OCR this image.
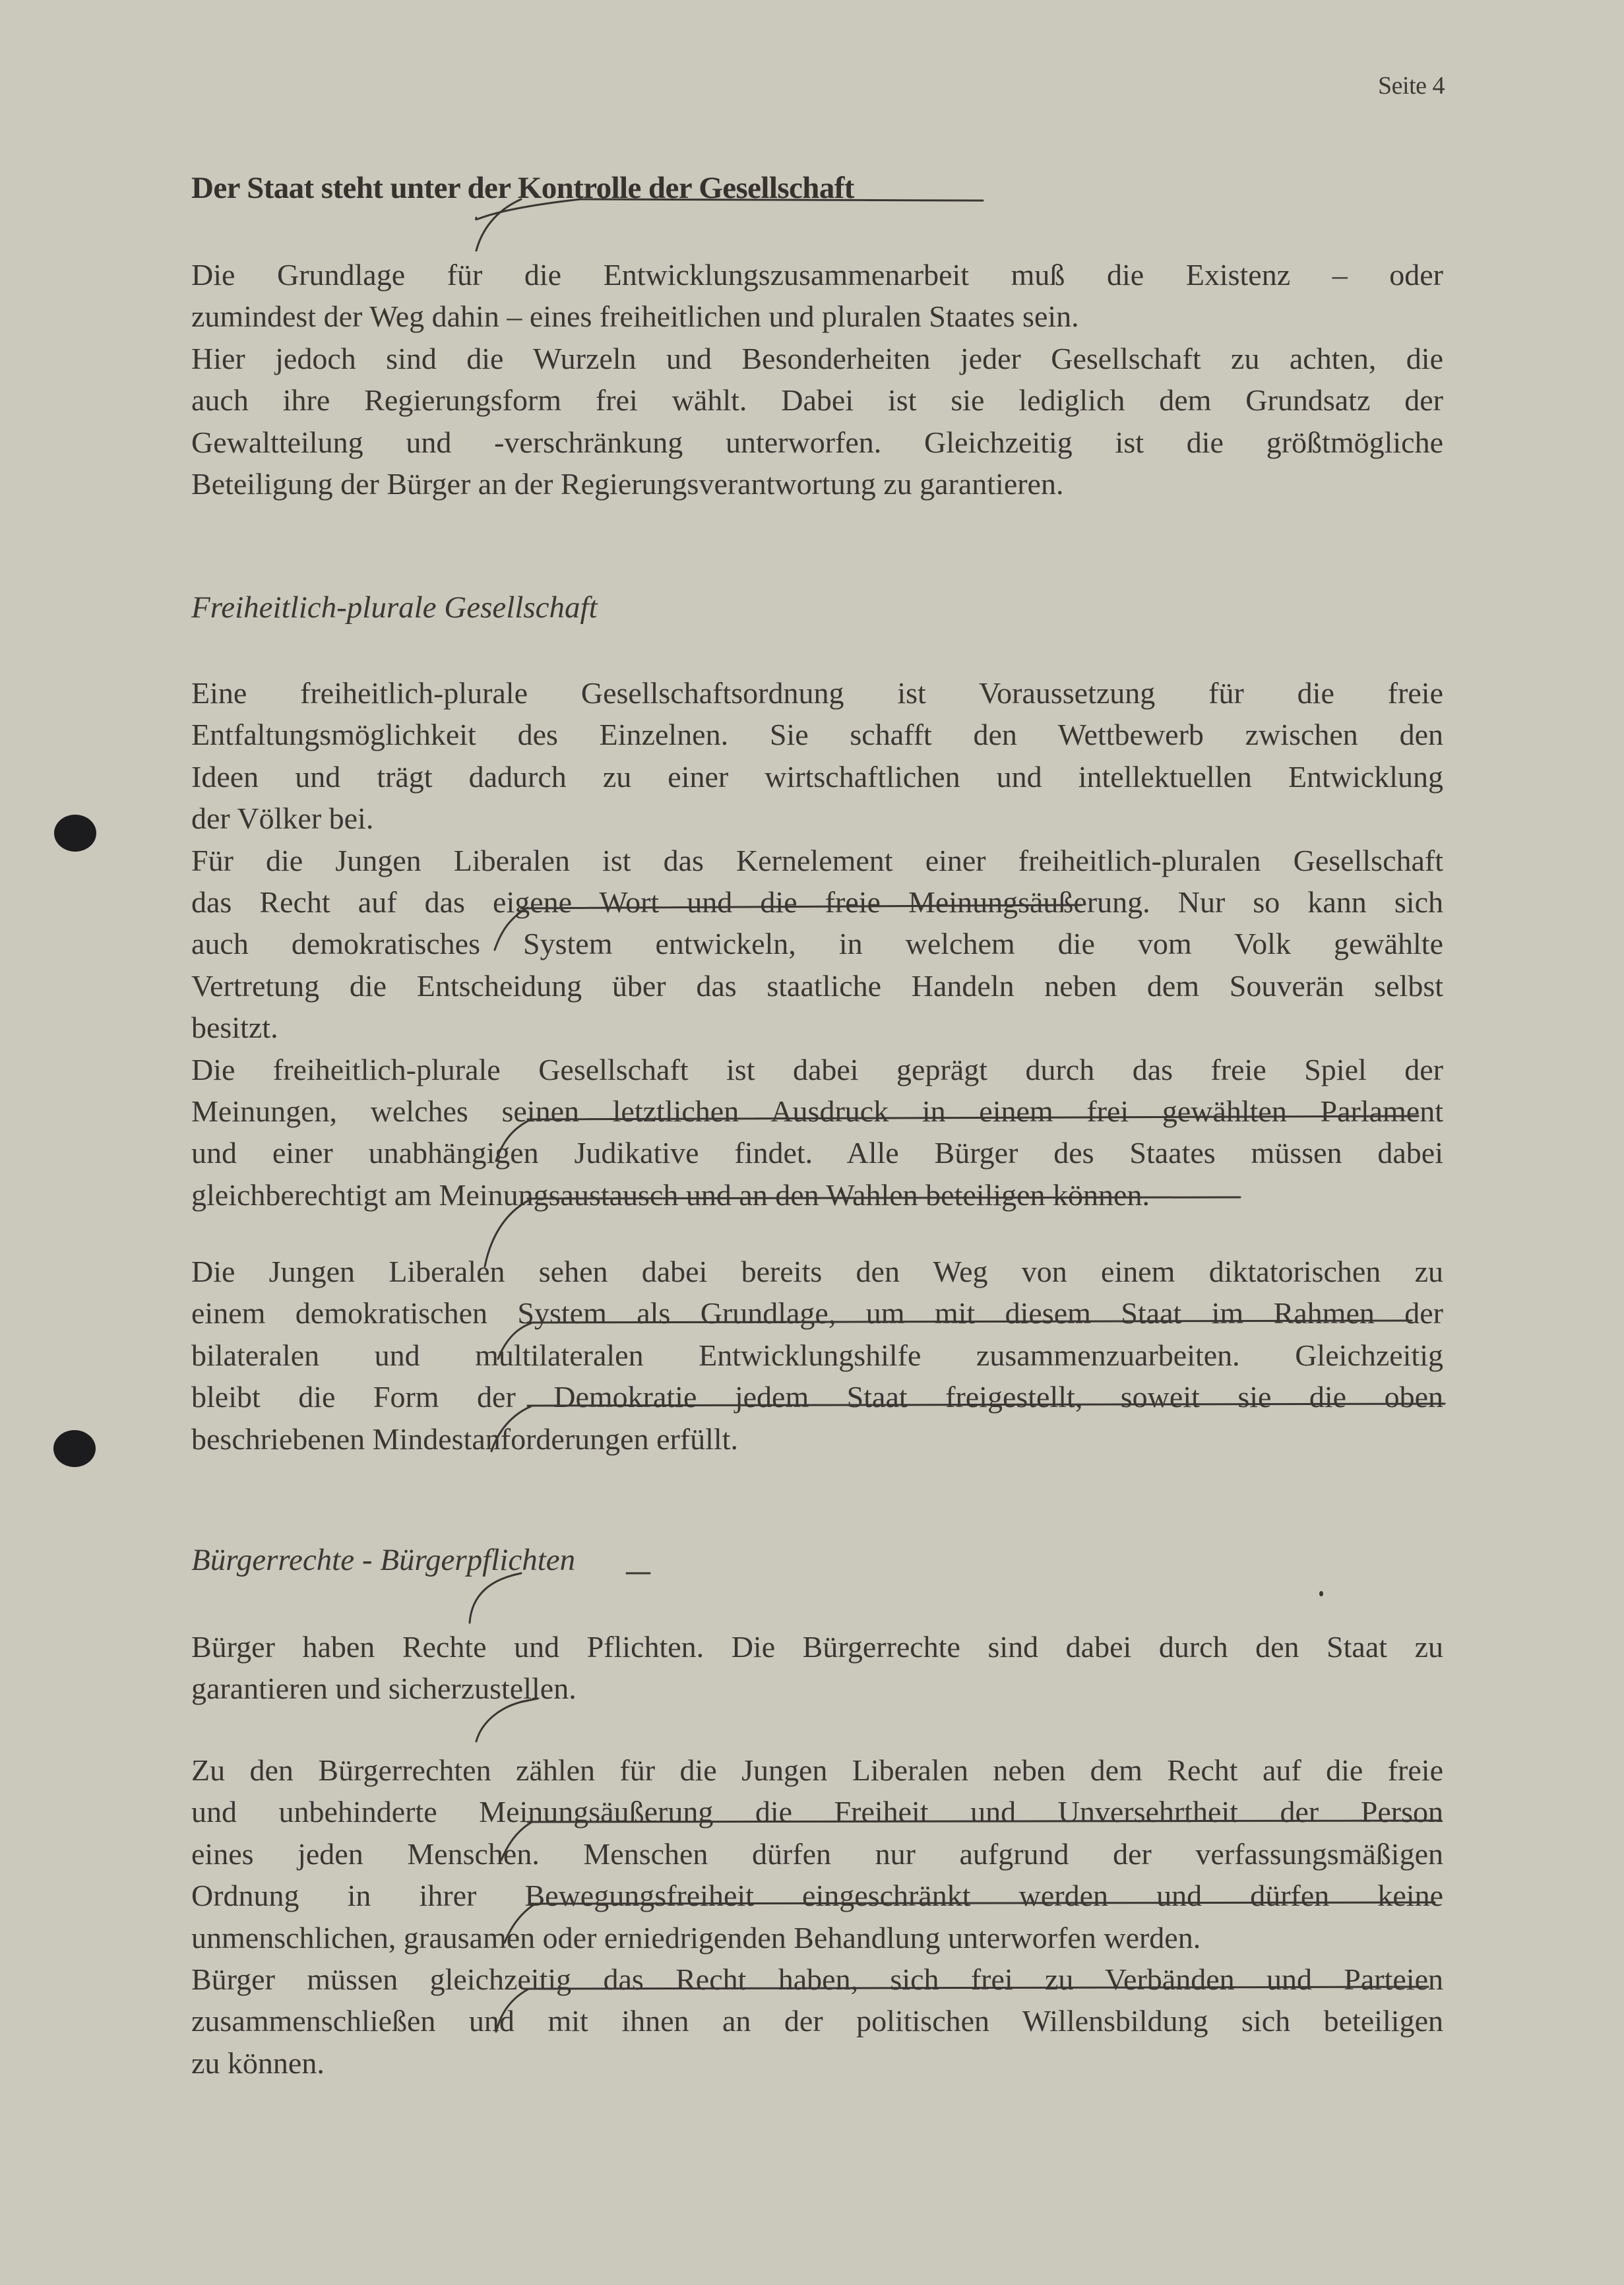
Seite 4
Der Staat steht unter der Kontrolle der Gesellschaft
Die Grundlage für die Entwicklungszusammenarbeit muß die Existenz – oder
zumindest der Weg dahin – eines freiheitlichen und pluralen Staates sein.
Hier jedoch sind die Wurzeln und Besonderheiten jeder Gesellschaft zu achten, die
auch ihre Regierungsform frei wählt. Dabei ist sie lediglich dem Grundsatz der
Gewaltteilung und -verschränkung unterworfen. Gleichzeitig ist die größtmögliche
Beteiligung der Bürger an der Regierungsverantwortung zu garantieren.
Freiheitlich-plurale Gesellschaft
Eine freiheitlich-plurale Gesellschaftsordnung ist Voraussetzung für die freie
Entfaltungsmöglichkeit des Einzelnen. Sie schafft den Wettbewerb zwischen den
Ideen und trägt dadurch zu einer wirtschaftlichen und intellektuellen Entwicklung
der Völker bei.
Für die Jungen Liberalen ist das Kernelement einer freiheitlich-pluralen Gesellschaft
das Recht auf das eigene Wort und die freie Meinungsäußerung. Nur so kann sich
auch demokratisches System entwickeln, in welchem die vom Volk gewählte
Vertretung die Entscheidung über das staatliche Handeln neben dem Souverän selbst
besitzt.
Die freiheitlich-plurale Gesellschaft ist dabei geprägt durch das freie Spiel der
Meinungen, welches seinen letztlichen Ausdruck in einem frei gewählten Parlament
und einer unabhängigen Judikative findet. Alle Bürger des Staates müssen dabei
gleichberechtigt am Meinungsaustausch und an den Wahlen beteiligen können.
Die Jungen Liberalen sehen dabei bereits den Weg von einem diktatorischen zu
einem demokratischen System als Grundlage, um mit diesem Staat im Rahmen der
bilateralen und multilateralen Entwicklungshilfe zusammenzuarbeiten. Gleichzeitig
bleibt die Form der Demokratie jedem Staat freigestellt, soweit sie die oben
beschriebenen Mindestanforderungen erfüllt.
Bürgerrechte - Bürgerpflichten
Bürger haben Rechte und Pflichten. Die Bürgerrechte sind dabei durch den Staat zu
garantieren und sicherzustellen.
Zu den Bürgerrechten zählen für die Jungen Liberalen neben dem Recht auf die freie
und unbehinderte Meinungsäußerung die Freiheit und Unversehrtheit der Person
eines jeden Menschen. Menschen dürfen nur aufgrund der verfassungsmäßigen
Ordnung in ihrer Bewegungsfreiheit eingeschränkt werden und dürfen keine
unmenschlichen, grausamen oder erniedrigenden Behandlung unterworfen werden.
Bürger müssen gleichzeitig das Recht haben, sich frei zu Verbänden und Parteien
zusammenschließen und mit ihnen an der politischen Willensbildung sich beteiligen
zu können.
